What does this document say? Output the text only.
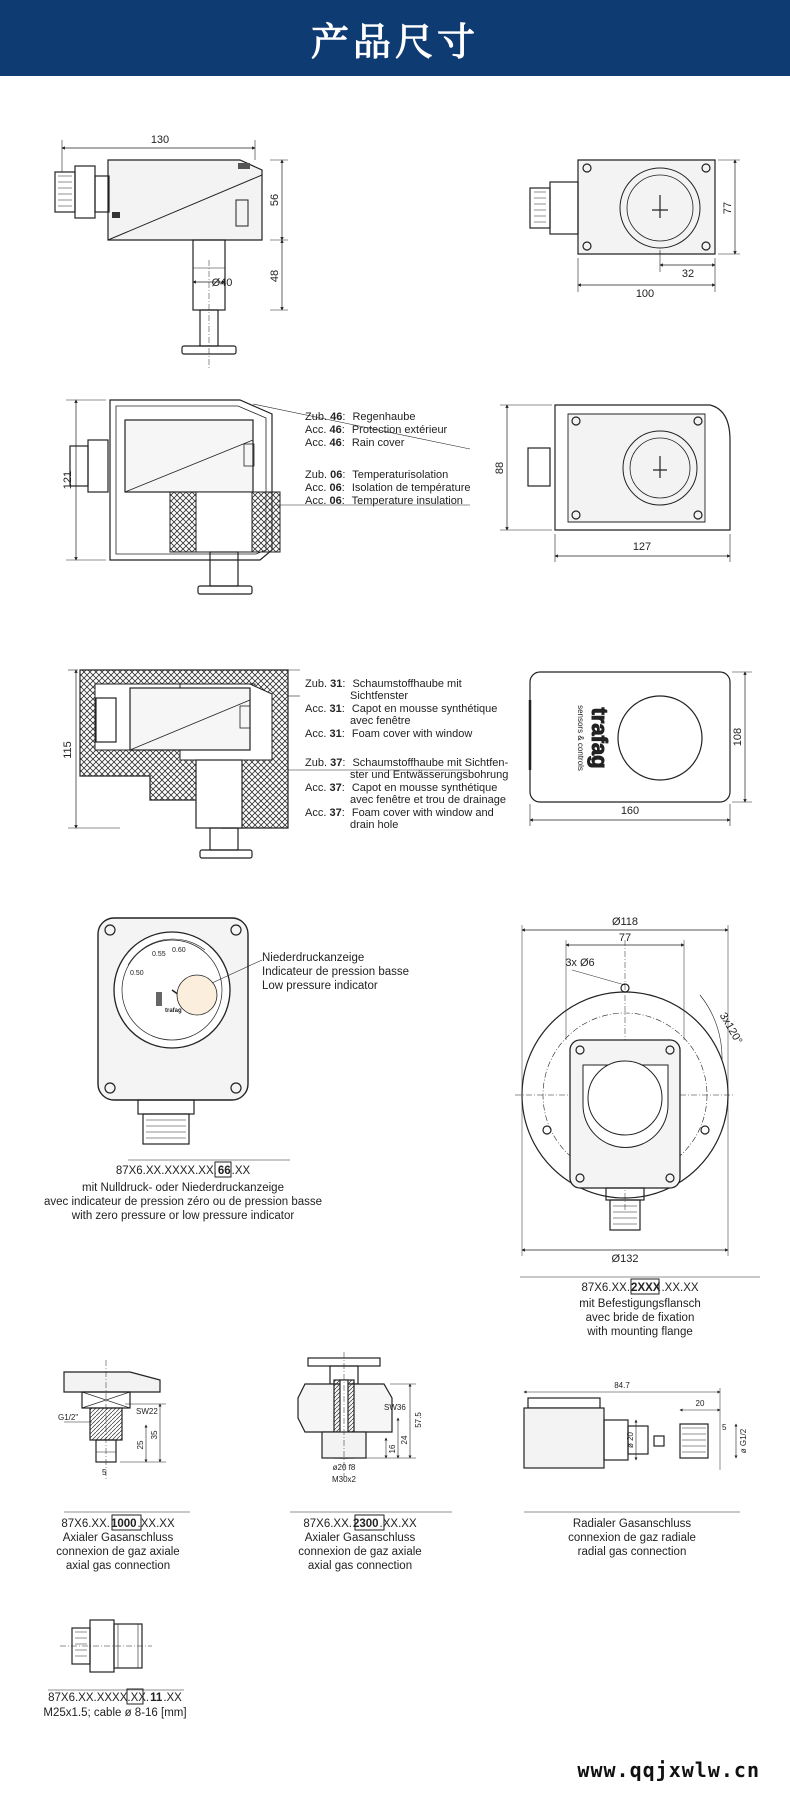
产品尺寸
130
56
48
Ø40
77
32
100
121
88
127
115
108
160
Ø118
77
3x Ø6
3x120°
Ø132
SW22
G1/2"
25
35
5
SW36
57.5
24
16
ø20 f8
M30x2
84.7
20
ø 20	ø G1/2
5
Zub. 46: Regenhaube
Acc. 46: Protection extérieur
Acc. 46: Rain cover
Zub. 06: Temperaturisolation
Acc. 06: Isolation de température
Acc. 06: Temperature insulation
Zub. 31: Schaumstoffhaube mit
Sichtfenster
Acc. 31: Capot en mousse synthétique
avec fenêtre
Acc. 31: Foam cover with window
Zub. 37: Schaumstoffhaube mit Sichtfen-
ster und Entwässerungsbohrung
Acc. 37: Capot en mousse synthétique
avec fenêtre et trou de drainage
Acc. 37: Foam cover with window and
drain hole
trafag
sensors & controls
0.55
0.60
0.50
trafag
Niederdruckanzeige
Indicateur de pression basse
Low pressure indicator
87X6.XX.XXXX.XX.66.XX
mit Nulldruck- oder Niederdruckanzeige
avec indicateur de pression zéro ou de pression basse
with zero pressure or low pressure indicator
87X6.XX.2XXX.XX.XX
mit Befestigungsflansch
avec bride de fixation
with mounting flange
87X6.XX.1000.XX.XX
Axialer Gasanschluss
connexion de gaz axiale
axial gas connection
87X6.XX.2300.XX.XX
Axialer Gasanschluss
connexion de gaz axiale
axial gas connection
Radialer Gasanschluss
connexion de gaz radiale
radial gas connection
87X6.XX.XXXX.XX.11.XX
M25x1.5; cable ø 8-16 [mm]
www.qqjxwlw.cn
